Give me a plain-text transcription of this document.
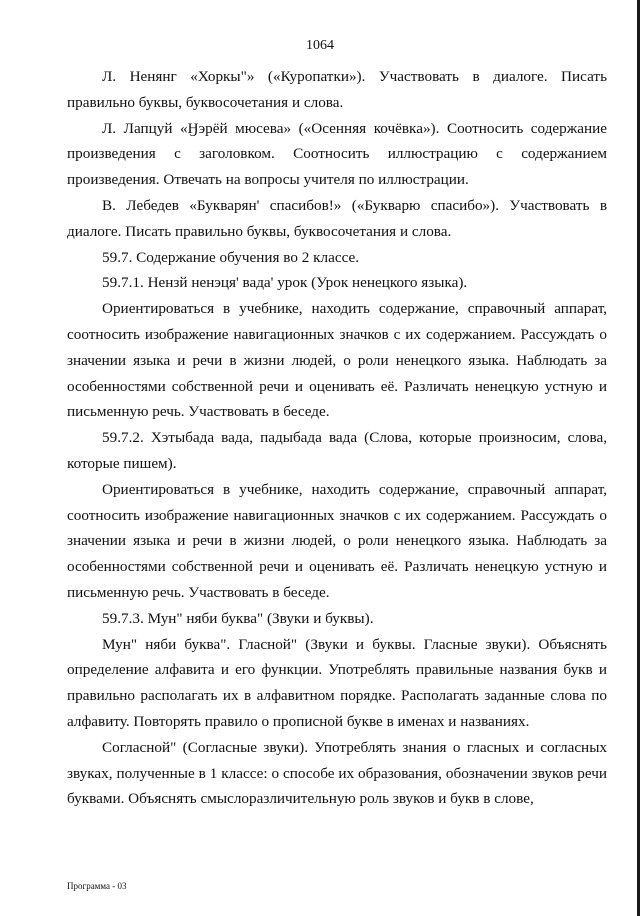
1064

Л. Ненянг «Хоркы"» («Куропатки»). Участвовать в диалоге. Писать правильно буквы, буквосочетания и слова.

Л. Лапцуй «Ӈэрёй мюсева» («Осенняя кочёвка»). Соотносить содержание произведения с заголовком. Соотносить иллюстрацию с содержанием произведения. Отвечать на вопросы учителя по иллюстрации.

В. Лебедев «Букварян' спасибов!» («Букварю спасибо»). Участвовать в диалоге. Писать правильно буквы, буквосочетания и слова.

59.7. Содержание обучения во 2 классе.

59.7.1. Нензй ненэця' вада' урок (Урок ненецкого языка).

Ориентироваться в учебнике, находить содержание, справочный аппарат, соотносить изображение навигационных значков с их содержанием. Рассуждать о значении языка и речи в жизни людей, о роли ненецкого языка. Наблюдать за особенностями собственной речи и оценивать её. Различать ненецкую устную и письменную речь. Участвовать в беседе.

59.7.2. Хэтыбада вада, падыбада вада (Слова, которые произносим, слова, которые пишем).

Ориентироваться в учебнике, находить содержание, справочный аппарат, соотносить изображение навигационных значков с их содержанием. Рассуждать о значении языка и речи в жизни людей, о роли ненецкого языка. Наблюдать за особенностями собственной речи и оценивать её. Различать ненецкую устную и письменную речь. Участвовать в беседе.

59.7.3. Мун" няби буква" (Звуки и буквы).

Мун" няби буква". Гласной" (Звуки и буквы. Гласные звуки). Объяснять определение алфавита и его функции. Употреблять правильные названия букв и правильно располагать их в алфавитном порядке. Располагать заданные слова по алфавиту. Повторять правило о прописной букве в именах и названиях.

Согласной" (Согласные звуки). Употреблять знания о гласных и согласных звуках, полученные в 1 классе: о способе их образования, обозначении звуков речи буквами. Объяснять смыслоразличительную роль звуков и букв в слове,

Программа - 03
